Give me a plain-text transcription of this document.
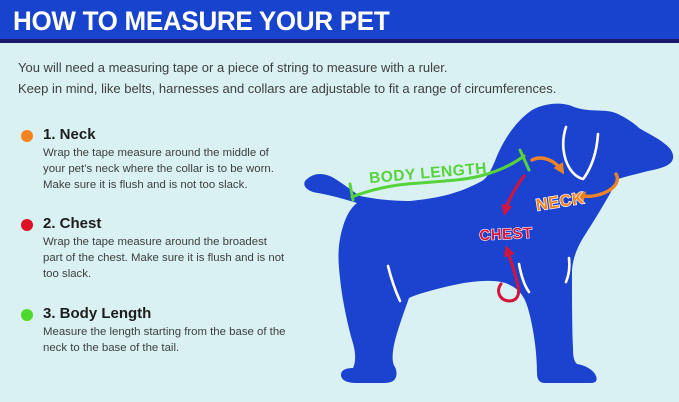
HOW TO MEASURE YOUR PET
You will need a measuring tape or a piece of string to measure with a ruler.
Keep in mind, like belts, harnesses and collars are adjustable to fit a range of circumferences.
1. Neck
Wrap the tape measure around the middle of
your pet’s neck where the collar is to be worn.
Make sure it is flush and is not too slack.
2. Chest
Wrap the tape measure around the broadest
part of the chest. Make sure it is flush and is not
too slack.
3. Body Length
Measure the length starting from the base of the
neck to the base of the tail.
BODY LENGTH
NECK
CHEST
